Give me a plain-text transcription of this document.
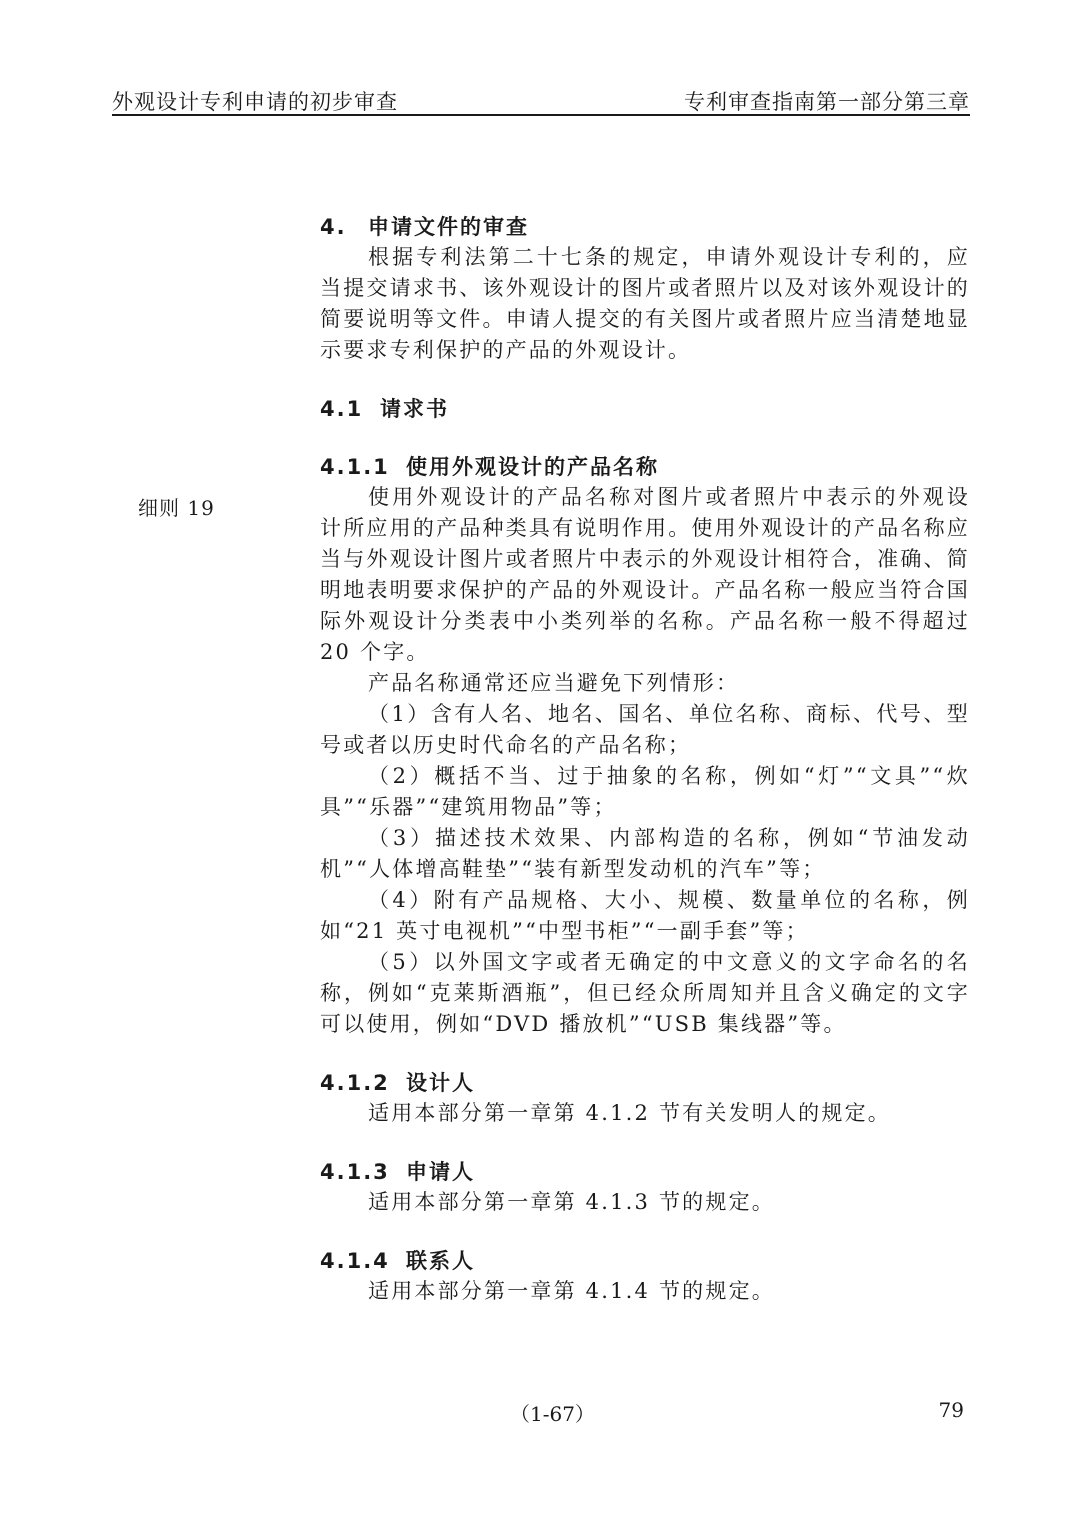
外观设计专利申请的初步审查	专利审查指南第一部分第三章
细则 19
4. 申请文件的审查

根据专利法第二十七条的规定，申请外观设计专利的，应当提交请求书、该外观设计的图片或者照片以及对该外观设计的简要说明等文件。申请人提交的有关图片或者照片应当清楚地显示要求专利保护的产品的外观设计。

4.1 请求书
4.1.1 使用外观设计的产品名称

使用外观设计的产品名称对图片或者照片中表示的外观设计所应用的产品种类具有说明作用。使用外观设计的产品名称应当与外观设计图片或者照片中表示的外观设计相符合，准确、简明地表明要求保护的产品的外观设计。产品名称一般应当符合国际外观设计分类表中小类列举的名称。产品名称一般不得超过 20 个字。

产品名称通常还应当避免下列情形：

（1）含有人名、地名、国名、单位名称、商标、代号、型号或者以历史时代命名的产品名称；

（2）概括不当、过于抽象的名称，例如“灯”“文具”“炊具”“乐器”“建筑用物品”等；

（3）描述技术效果、内部构造的名称，例如“节油发动机”“人体增高鞋垫”“装有新型发动机的汽车”等；

（4）附有产品规格、大小、规模、数量单位的名称，例如“21 英寸电视机”“中型书柜”“一副手套”等；

（5）以外国文字或者无确定的中文意义的文字命名的名称，例如“克莱斯酒瓶”，但已经众所周知并且含义确定的文字可以使用，例如“DVD 播放机”“USB 集线器”等。

4.1.2 设计人

适用本部分第一章第 4.1.2 节有关发明人的规定。

4.1.3 申请人

适用本部分第一章第 4.1.3 节的规定。

4.1.4 联系人

适用本部分第一章第 4.1.4 节的规定。

（1-67）	79
